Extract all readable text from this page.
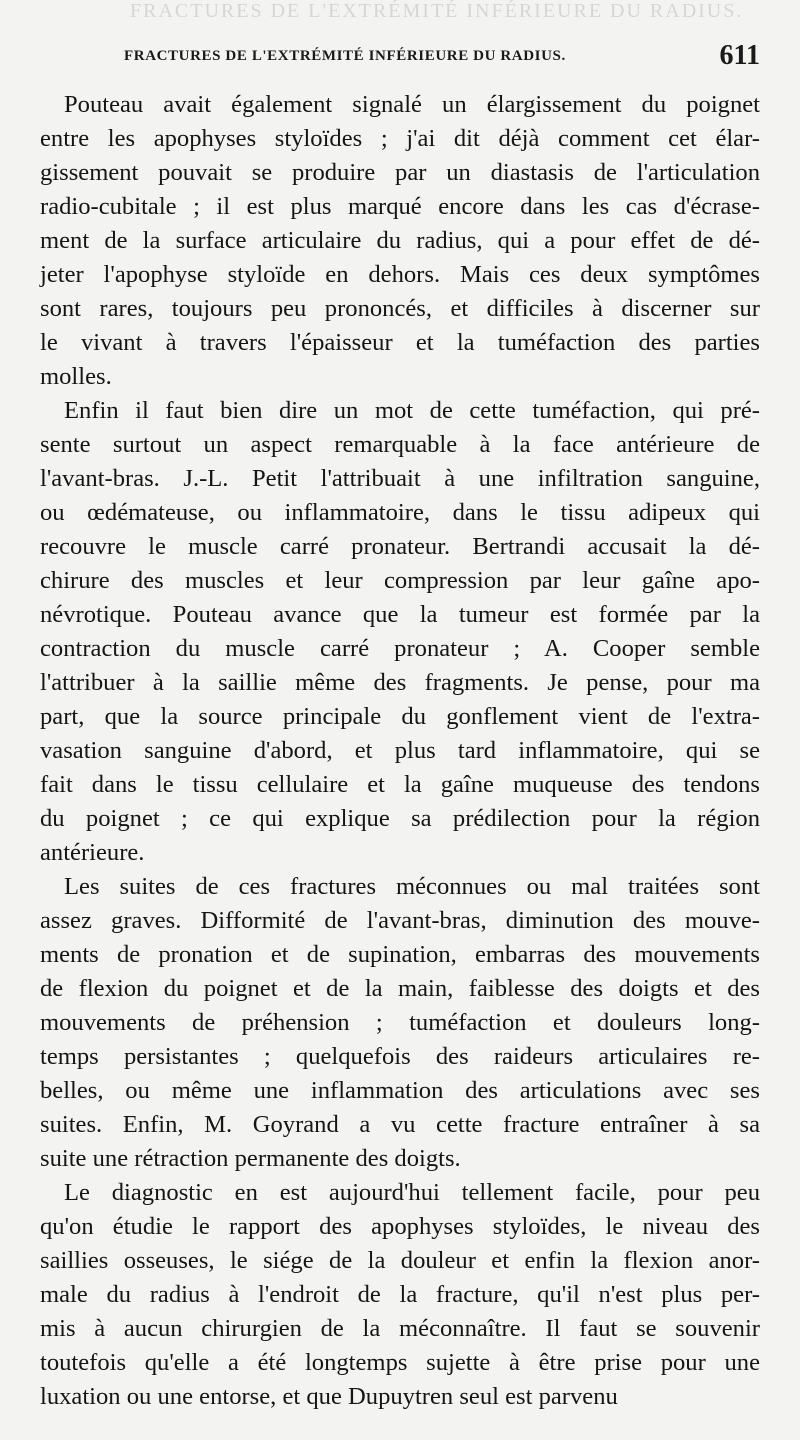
FRACTURES DE L'EXTRÉMITÉ INFÉRIEURE DU RADIUS.
FRACTURES DE L'EXTRÉMITÉ INFÉRIEURE DU RADIUS.	611
Pouteau avait également signalé un élargissement du poignet
entre les apophyses styloïdes ; j'ai dit déjà comment cet élar-
gissement pouvait se produire par un diastasis de l'articulation
radio-cubitale ; il est plus marqué encore dans les cas d'écrase-
ment de la surface articulaire du radius, qui a pour effet de dé-
jeter l'apophyse styloïde en dehors. Mais ces deux symptômes
sont rares, toujours peu prononcés, et difficiles à discerner sur
le vivant à travers l'épaisseur et la tuméfaction des parties
molles.
Enfin il faut bien dire un mot de cette tuméfaction, qui pré-
sente surtout un aspect remarquable à la face antérieure de
l'avant-bras. J.-L. Petit l'attribuait à une infiltration sanguine,
ou œdémateuse, ou inflammatoire, dans le tissu adipeux qui
recouvre le muscle carré pronateur. Bertrandi accusait la dé-
chirure des muscles et leur compression par leur gaîne apo-
névrotique. Pouteau avance que la tumeur est formée par la
contraction du muscle carré pronateur ; A. Cooper semble
l'attribuer à la saillie même des fragments. Je pense, pour ma
part, que la source principale du gonflement vient de l'extra-
vasation sanguine d'abord, et plus tard inflammatoire, qui se
fait dans le tissu cellulaire et la gaîne muqueuse des tendons
du poignet ; ce qui explique sa prédilection pour la région
antérieure.
Les suites de ces fractures méconnues ou mal traitées sont
assez graves. Difformité de l'avant-bras, diminution des mouve-
ments de pronation et de supination, embarras des mouvements
de flexion du poignet et de la main, faiblesse des doigts et des
mouvements de préhension ; tuméfaction et douleurs long-
temps persistantes ; quelquefois des raideurs articulaires re-
belles, ou même une inflammation des articulations avec ses
suites. Enfin, M. Goyrand a vu cette fracture entraîner à sa
suite une rétraction permanente des doigts.
Le diagnostic en est aujourd'hui tellement facile, pour peu
qu'on étudie le rapport des apophyses styloïdes, le niveau des
saillies osseuses, le siége de la douleur et enfin la flexion anor-
male du radius à l'endroit de la fracture, qu'il n'est plus per-
mis à aucun chirurgien de la méconnaître. Il faut se souvenir
toutefois qu'elle a été longtemps sujette à être prise pour une
luxation ou une entorse, et que Dupuytren seul est parvenu
